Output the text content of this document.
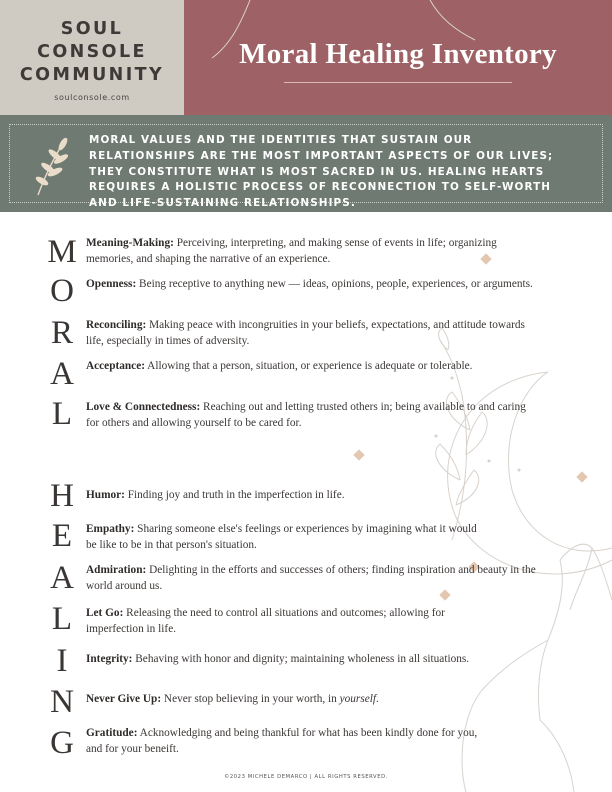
SOUL
CONSOLE
COMMUNITY
soulconsole.com
Moral Healing Inventory
MORAL VALUES AND THE IDENTITIES THAT SUSTAIN OUR RELATIONSHIPS ARE THE MOST IMPORTANT ASPECTS OF OUR LIVES; THEY CONSTITUTE WHAT IS MOST SACRED IN US. HEALING HEARTS REQUIRES A HOLISTIC PROCESS OF RECONNECTION TO SELF-WORTH AND LIFE-SUSTAINING RELATIONSHIPS.
M
O
R
A
L
Meaning-Making: Perceiving, interpreting, and making sense of events in life; organizing memories, and shaping the narrative of an experience.
Openness: Being receptive to anything new — ideas, opinions, people, experiences, or arguments.
Reconciling: Making peace with incongruities in your beliefs, expectations, and attitude towards life, especially in times of adversity.
Acceptance: Allowing that a person, situation, or experience is adequate or tolerable.
Love & Connectedness: Reaching out and letting trusted others in; being available to and caring for others and allowing yourself to be cared for.
H
E
A
L
I
N
G
Humor: Finding joy and truth in the imperfection in life.
Empathy: Sharing someone else's feelings or experiences by imagining what it would be like to be in that person's situation.
Admiration: Delighting in the efforts and successes of others; finding inspiration and beauty in the world around us.
Let Go: Releasing the need to control all situations and outcomes; allowing for imperfection in life.
Integrity: Behaving with honor and dignity; maintaining wholeness in all situations.
Never Give Up: Never stop believing in your worth, in yourself.
Gratitude: Acknowledging and being thankful for what has been kindly done for you, and for your beneift.
©2023 MICHELE DEMARCO | ALL RIGHTS RESERVED.
